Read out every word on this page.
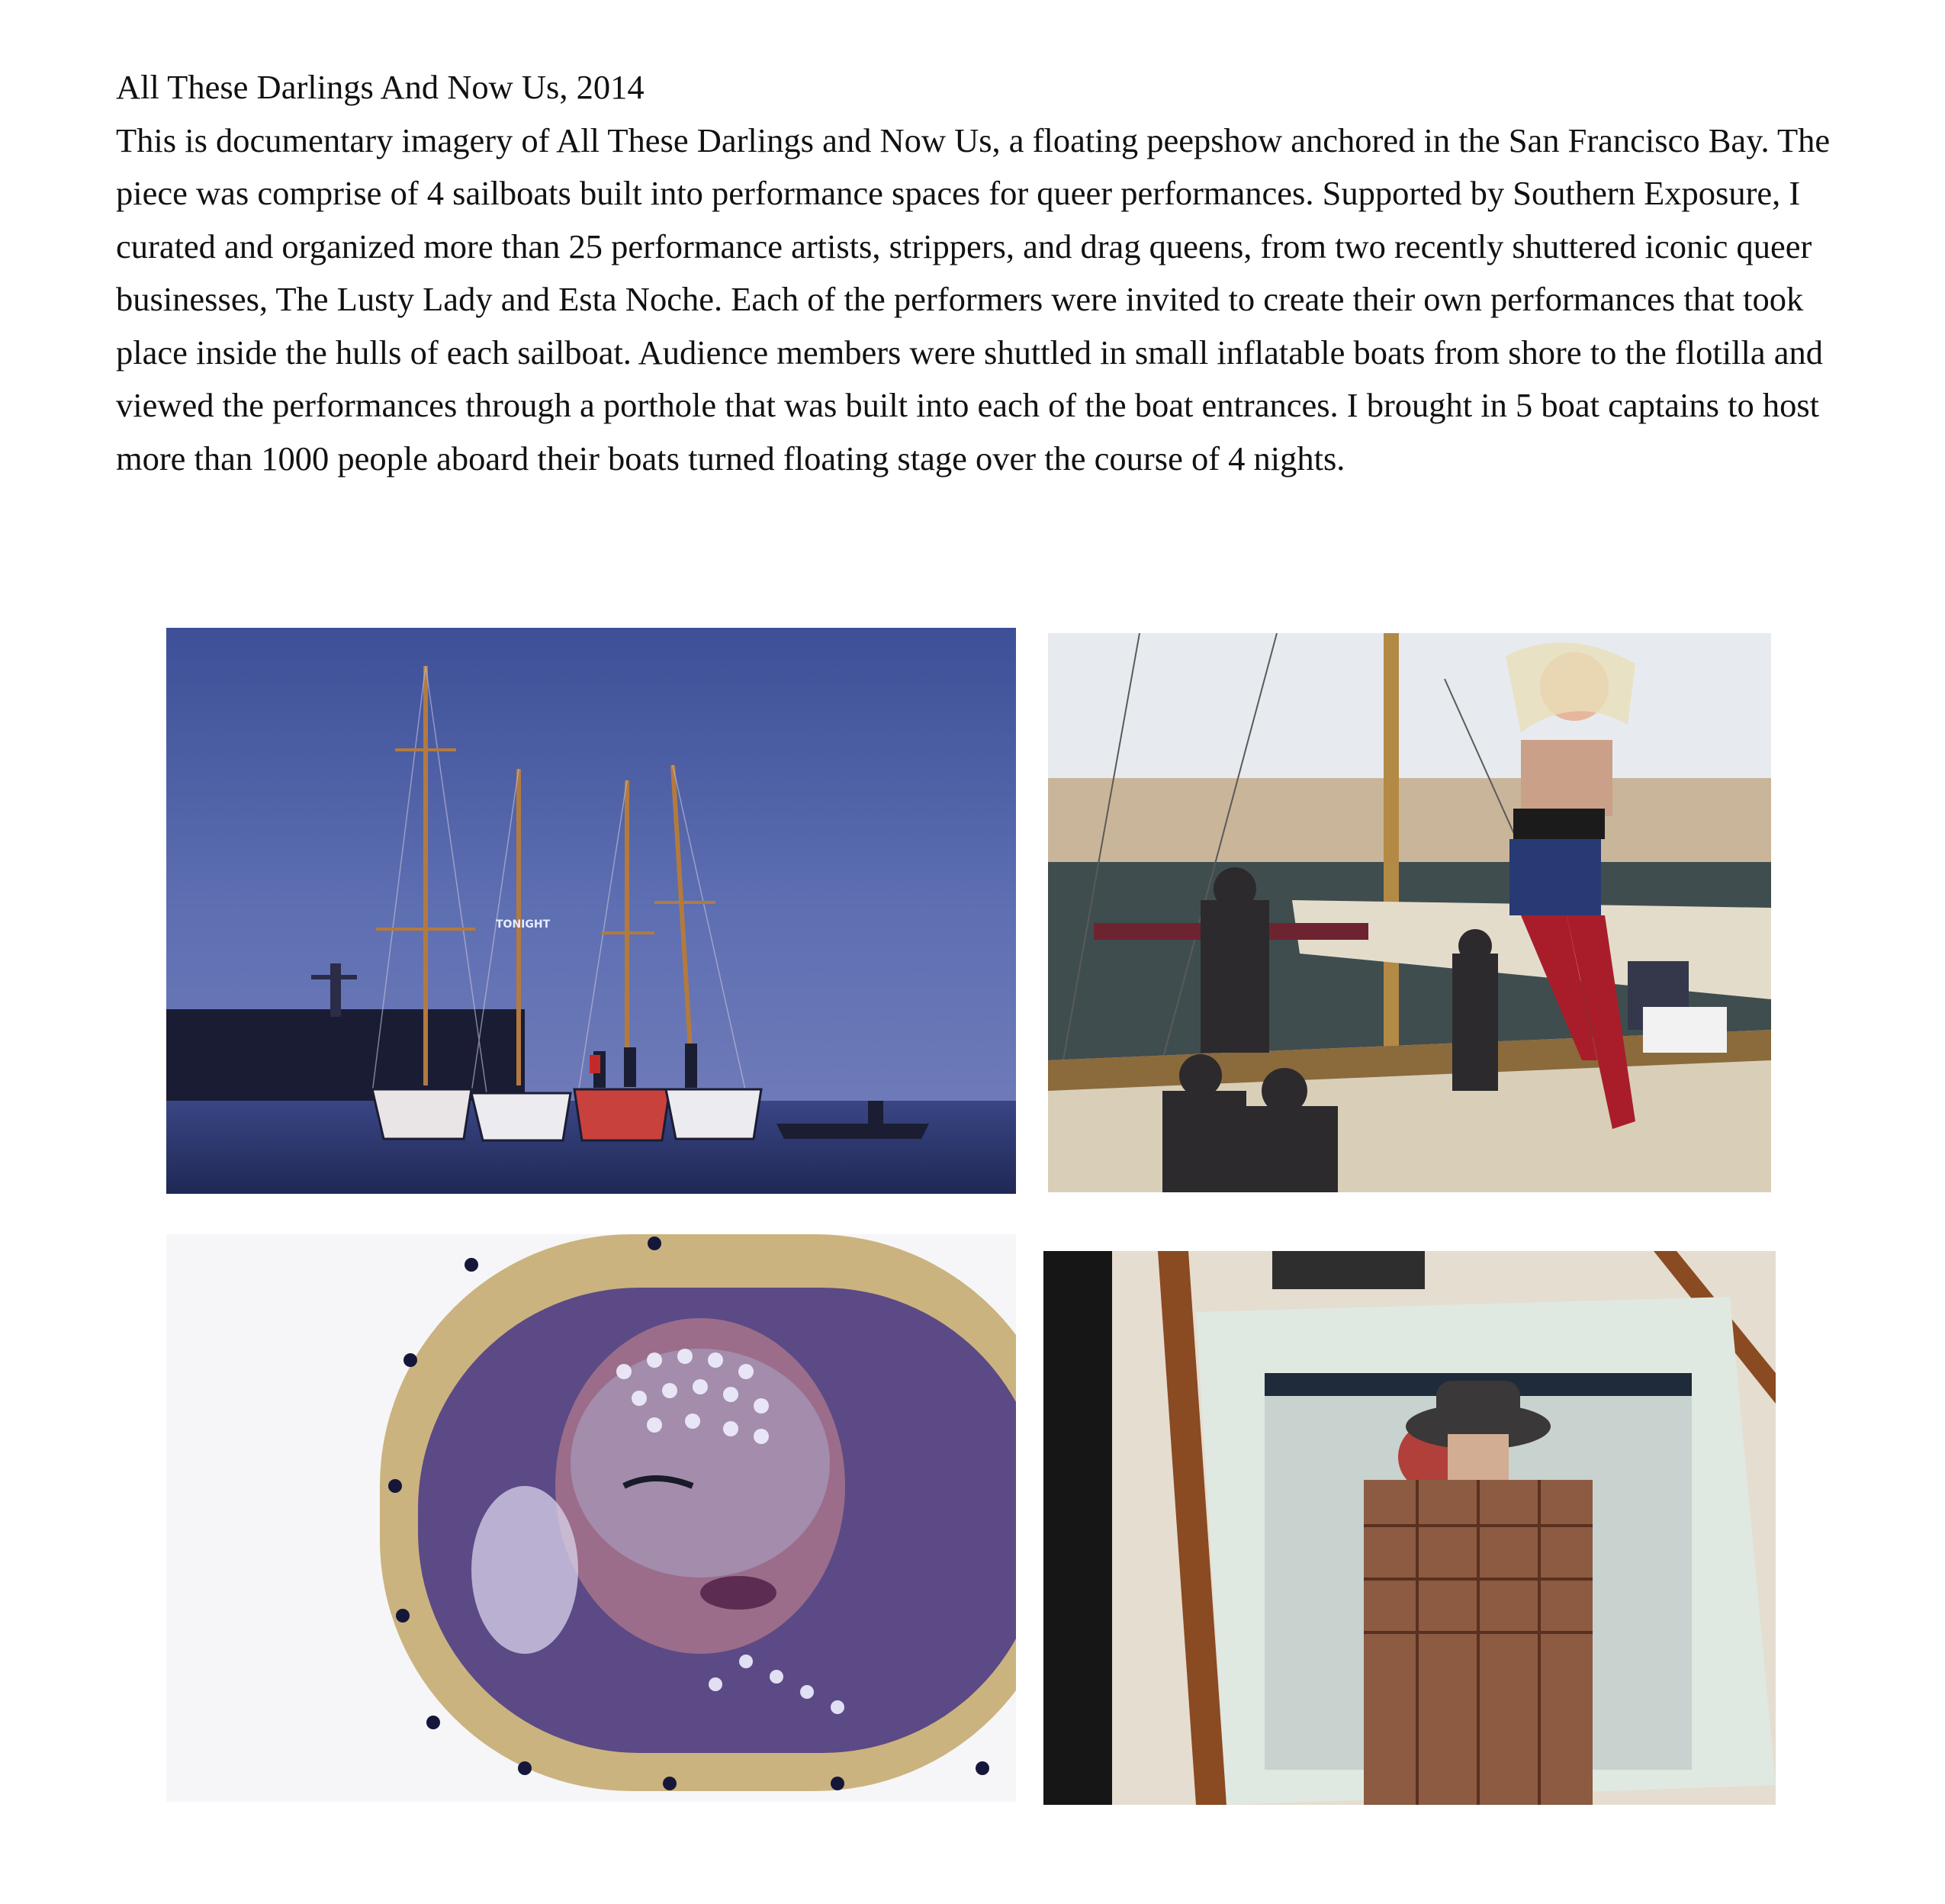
All These Darlings And Now Us, 2014

This is documentary imagery of All These Darlings and Now Us, a floating peepshow anchored in the San Francisco Bay. The piece was comprise of 4 sailboats built into performance spaces for queer performances. Supported by Southern Exposure, I curated and organized more than 25 performance artists, strippers, and drag queens, from two recently shuttered iconic queer businesses, The Lusty Lady and Esta Noche. Each of the performers were invited to create their own performances that took place inside the hulls of each sailboat. Audience members were shuttled in small inflatable boats from shore to the flotilla and viewed the performances through a porthole that was built into each of the boat entrances. I brought in 5 boat captains to host more than 1000 people aboard their boats turned floating stage over the course of 4 nights.

TONIGHT
